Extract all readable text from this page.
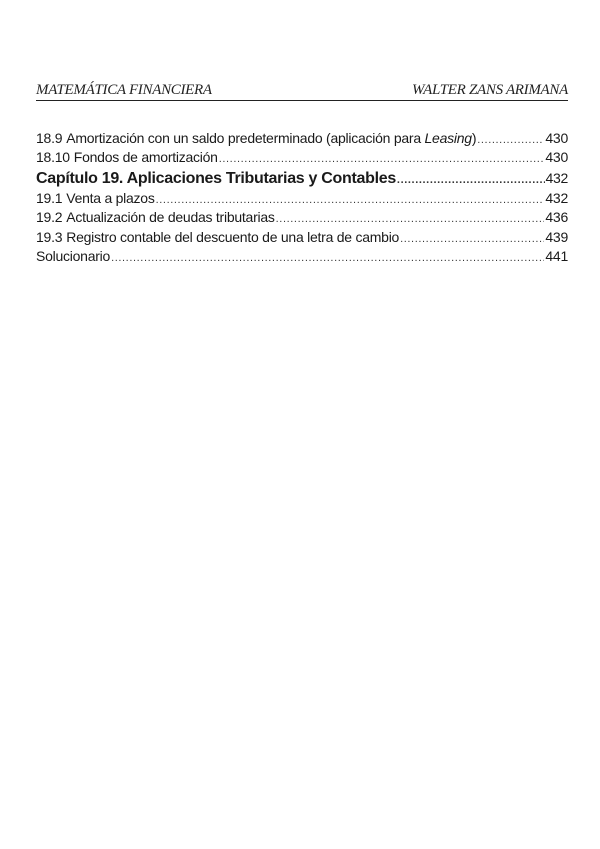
MATEMÁTICA FINANCIERA	WALTER ZANS ARIMANA
18.9 Amortización con un saldo predeterminado (aplicación para Leasing) .....	430
18.10 Fondos de amortización .....	430
Capítulo 19. Aplicaciones Tributarias y Contables .....	432
19.1 Venta a plazos .....	432
19.2 Actualización de deudas tributarias .....	436
19.3 Registro contable del descuento de una letra de cambio .....	439
Solucionario .....	441
